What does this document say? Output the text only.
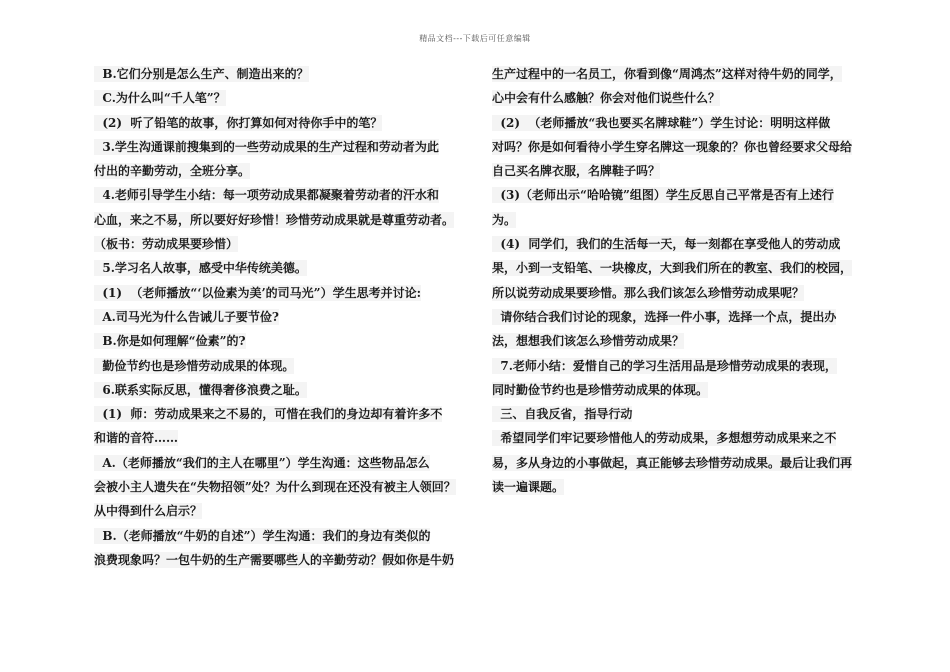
精品文档---下载后可任意编辑
B.它们分别是怎么生产、制造出来的？
C.为什么叫“千人笔”？
(2)  听了铅笔的故事，你打算如何对待你手中的笔？
3.学生沟通课前搜集到的一些劳动成果的生产过程和劳动者为此
付出的辛勤劳动，全班分享。
4.老师引导学生小结：每一项劳动成果都凝聚着劳动者的汗水和
心血，来之不易，所以要好好珍惜！珍惜劳动成果就是尊重劳动者。
（板书：劳动成果要珍惜）
5.学习名人故事，感受中华传统美德。
(1)  （老师播放“‘以俭素为美’的司马光”）学生思考并讨论:
A.司马光为什么告诫儿子要节俭?
B.你是如何理解“俭素”的?
勤俭节约也是珍惜劳动成果的体现。
6.联系实际反思，懂得奢侈浪费之耻。
(1)  师：劳动成果来之不易的，可惜在我们的身边却有着许多不
和谐的音符……
A.（老师播放“我们的主人在哪里”）学生沟通：这些物品怎么
会被小主人遗失在“失物招领”处？为什么到现在还没有被主人领回？
从中得到什么启示？
B.（老师播放“牛奶的自述”）学生沟通：我们的身边有类似的
浪费现象吗？一包牛奶的生产需要哪些人的辛勤劳动？假如你是牛奶
生产过程中的一名员工，你看到像“周鸿杰”这样对待牛奶的同学，
心中会有什么感触？你会对他们说些什么？
(2)  （老师播放“我也要买名牌球鞋”）学生讨论：明明这样做
对吗？你是如何看待小学生穿名牌这一现象的？你也曾经要求父母给
自己买名牌衣服，名牌鞋子吗？
(3)（老师出示“哈哈镜”组图）学生反思自己平常是否有上述行
为。
(4)  同学们，我们的生活每一天，每一刻都在享受他人的劳动成
果，小到一支铅笔、一块橡皮，大到我们所在的教室、我们的校园，
所以说劳动成果要珍惜。那么我们该怎么珍惜劳动成果呢？
请你结合我们讨论的现象，选择一件小事，选择一个点，提出办
法，想想我们该怎么珍惜劳动成果？
7.老师小结：爱惜自己的学习生活用品是珍惜劳动成果的表现，
同时勤俭节约也是珍惜劳动成果的体现。
三、自我反省，指导行动
希望同学们牢记要珍惜他人的劳动成果，多想想劳动成果来之不
易，多从身边的小事做起，真正能够去珍惜劳动成果。最后让我们再
读一遍课题。
